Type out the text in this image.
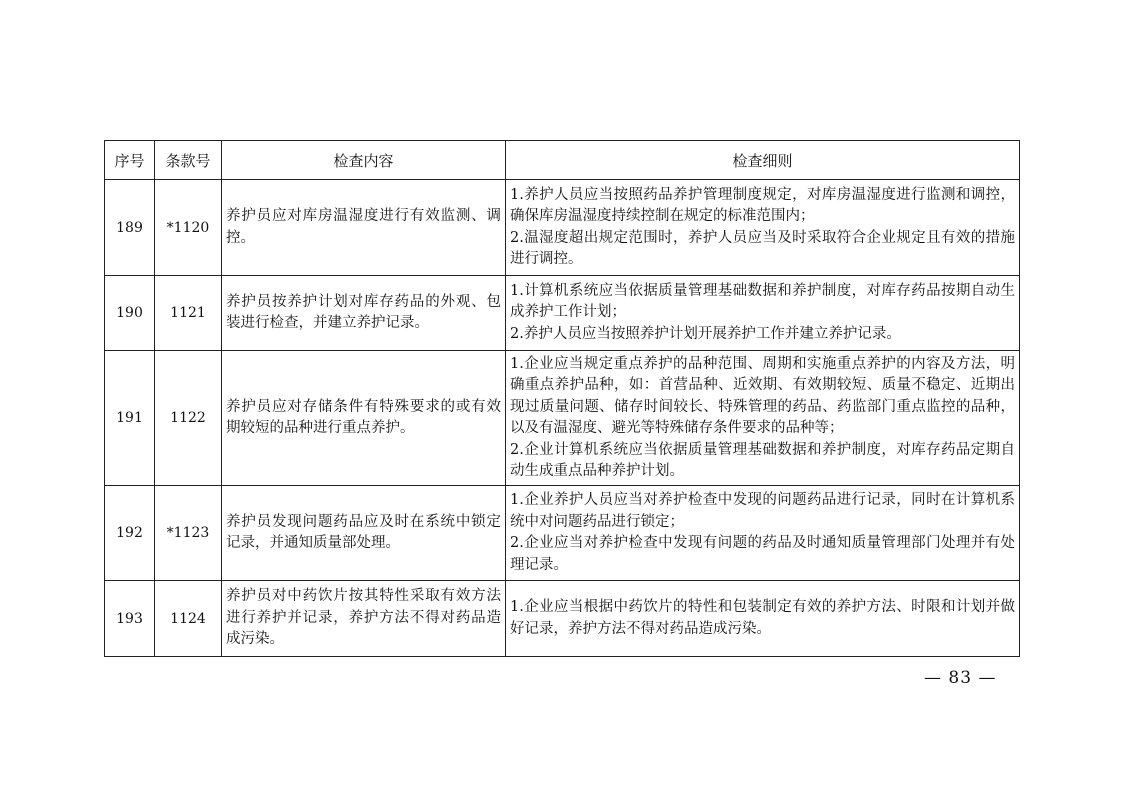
序号	条款号	检查内容	检查细则
189	*1120	养护员应对库房温湿度进行有效监测、调控。	1.养护人员应当按照药品养护管理制度规定，对库房温湿度进行监测和调控，确保库房温湿度持续控制在规定的标准范围内；
2.温湿度超出规定范围时，养护人员应当及时采取符合企业规定且有效的措施进行调控。

190	1121	养护员按养护计划对库存药品的外观、包装进行检查，并建立养护记录。	1.计算机系统应当依据质量管理基础数据和养护制度，对库存药品按期自动生成养护工作计划；
2.养护人员应当按照养护计划开展养护工作并建立养护记录。

191	1122	养护员应对存储条件有特殊要求的或有效期较短的品种进行重点养护。	1.企业应当规定重点养护的品种范围、周期和实施重点养护的内容及方法，明确重点养护品种，如：首营品种、近效期、有效期较短、质量不稳定、近期出现过质量问题、储存时间较长、特殊管理的药品、药监部门重点监控的品种，以及有温湿度、避光等特殊储存条件要求的品种等；
2.企业计算机系统应当依据质量管理基础数据和养护制度，对库存药品定期自动生成重点品种养护计划。

192	*1123	养护员发现问题药品应及时在系统中锁定记录，并通知质量部处理。	1.企业养护人员应当对养护检查中发现的问题药品进行记录，同时在计算机系统中对问题药品进行锁定；
2.企业应当对养护检查中发现有问题的药品及时通知质量管理部门处理并有处理记录。

193	1124	养护员对中药饮片按其特性采取有效方法进行养护并记录，养护方法不得对药品造成污染。	1.企业应当根据中药饮片的特性和包装制定有效的养护方法、时限和计划并做好记录，养护方法不得对药品造成污染。
— 83 —
